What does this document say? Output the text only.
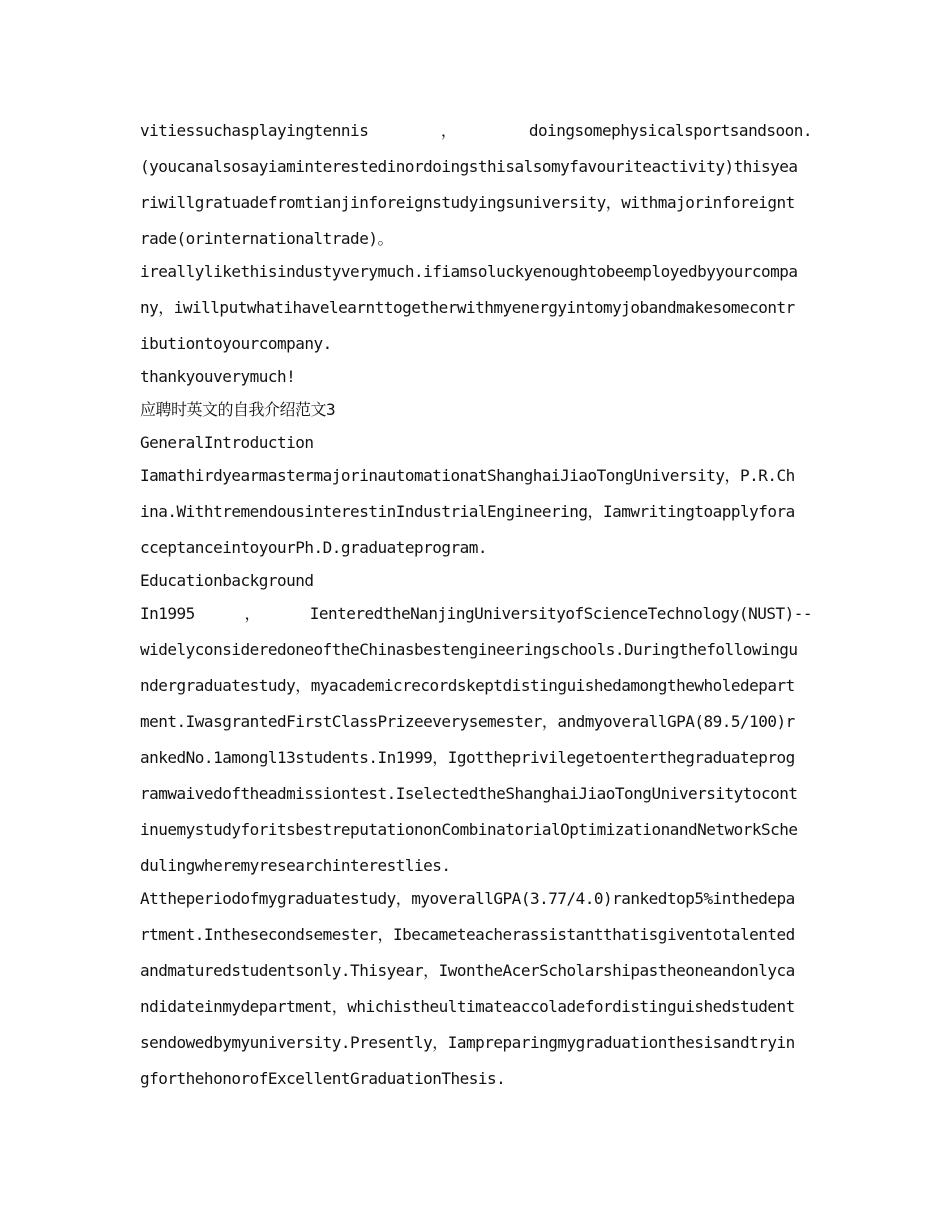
vitiessuchasplayingtennis	，	doingsomephysicalsportsandsoon.
(youcanalsosayiaminterestedinordoingsthisalsomyfavouriteactivity)thisyea
riwillgratuadefromtianjinforeignstudyingsuniversity，withmajorinforeignt
rade(orinternationaltrade)。
ireallylikethisindustyverymuch.ifiamsoluckyenoughtobeemployedbyyourcompa
ny，iwillputwhatihavelearnttogetherwithmyenergyintomyjobandmakesomecontr
ibutiontoyourcompany.
thankyouverymuch!
应聘时英文的自我介绍范文3
GeneralIntroduction
IamathirdyearmastermajorinautomationatShanghaiJiaoTongUniversity，P.R.Ch
ina.WithtremendousinterestinIndustrialEngineering，Iamwritingtoapplyfora
cceptanceintoyourPh.D.graduateprogram.
Educationbackground
In1995	，	IenteredtheNanjingUniversityofScienceTechnology(NUST)--
widelyconsideredoneoftheChinasbestengineeringschools.Duringthefollowingu
ndergraduatestudy，myacademicrecordskeptdistinguishedamongthewholedepart
ment.IwasgrantedFirstClassPrizeeverysemester，andmyoverallGPA(89.5/100)r
ankedNo.1amongl13students.In1999，Igottheprivilegetoenterthegraduateprog
ramwaivedoftheadmissiontest.IselectedtheShanghaiJiaoTongUniversitytocont
inuemystudyforitsbestreputationonCombinatorialOptimizationandNetworkSche
dulingwheremyresearchinterestlies.
Attheperiodofmygraduatestudy，myoverallGPA(3.77/4.0)rankedtop5%inthedepa
rtment.Inthesecondsemester，Ibecameteacherassistantthatisgiventotalented
andmaturedstudentsonly.Thisyear，IwontheAcerScholarshipastheoneandonlyca
ndidateinmydepartment，whichistheultimateaccoladefordistinguishedstudent
sendowedbymyuniversity.Presently，Iampreparingmygraduationthesisandtryin
gforthehonorofExcellentGraduationThesis.
